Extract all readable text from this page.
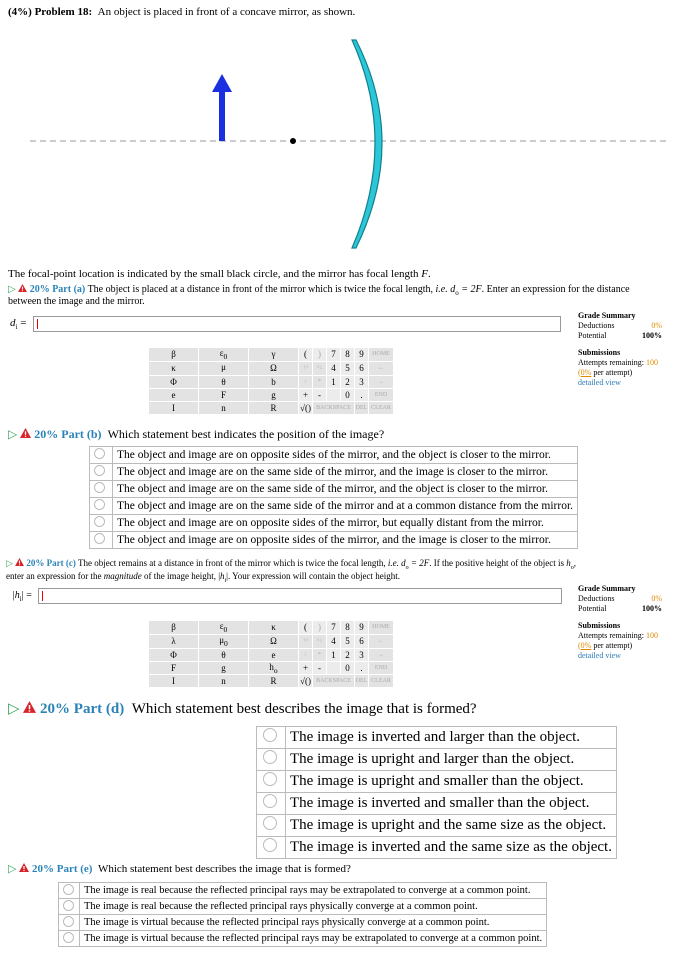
(4%) Problem 18: An object is placed in front of a concave mirror, as shown.
The focal-point location is indicated by the small black circle, and the mirror has focal length F.
▷ 20% Part (a) The object is placed at a distance in front of the mirror which is twice the focal length, i.e. $d_o = 2F$. Enter an expression for the distance
between the image and the mirror.
$d_i$ =
Grade Summary
Deductions	0%
Potential	100%
Submissions
Attempts remaining: 100
(0% per attempt)
detailed view
β	$\varepsilon_0$	γ	(	)	7	8	9	HOME
κ	μ	Ω	↑^	^↓	4	5	6	←
Φ	θ	b	/	*	1	2	3	→
e	F	g	+	-		0	.	END
I	n	R	√()	BACKSPACE			DEL	CLEAR
▷ 20% Part (b) Which statement best indicates the position of the image?
	The object and image are on opposite sides of the mirror, and the object is closer to the mirror.
	The object and image are on the same side of the mirror, and the image is closer to the mirror.
	The object and image are on the same side of the mirror, and the object is closer to the mirror.
	The object and image are on the same side of the mirror and at a common distance from the mirror.
	The object and image are on opposite sides of the mirror, but equally distant from the mirror.
	The object and image are on opposite sides of the mirror, and the image is closer to the mirror.
▷ 20% Part (c) The object remains at a distance in front of the mirror which is twice the focal length, i.e. $d_o = 2F$. If the positive height of the object is $h_o$,
enter an expression for the magnitude of the image height, $|h_i|$. Your expression will contain the object height.
$|h_i|$ =
Grade Summary
Deductions	0%
Potential	100%
Submissions
Attempts remaining: 100
(0% per attempt)
detailed view
β	$\varepsilon_0$	κ	(	)	7	8	9	HOME
λ	$\mu_0$	Ω	↑^	^↓	4	5	6	←
Φ	θ	e	/	*	1	2	3	→
F	g	$h_o$	+	-		0	.	END
I	n	R	√()	BACKSPACE			DEL	CLEAR
▷ 20% Part (d) Which statement best describes the image that is formed?
	The image is inverted and larger than the object.
	The image is upright and larger than the object.
	The image is upright and smaller than the object.
	The image is inverted and smaller than the object.
	The image is upright and the same size as the object.
	The image is inverted and the same size as the object.
▷ 20% Part (e) Which statement best describes the image that is formed?
	The image is real because the reflected principal rays may be extrapolated to converge at a common point.
	The image is real because the reflected principal rays physically converge at a common point.
	The image is virtual because the reflected principal rays physically converge at a common point.
	The image is virtual because the reflected principal rays may be extrapolated to converge at a common point.
